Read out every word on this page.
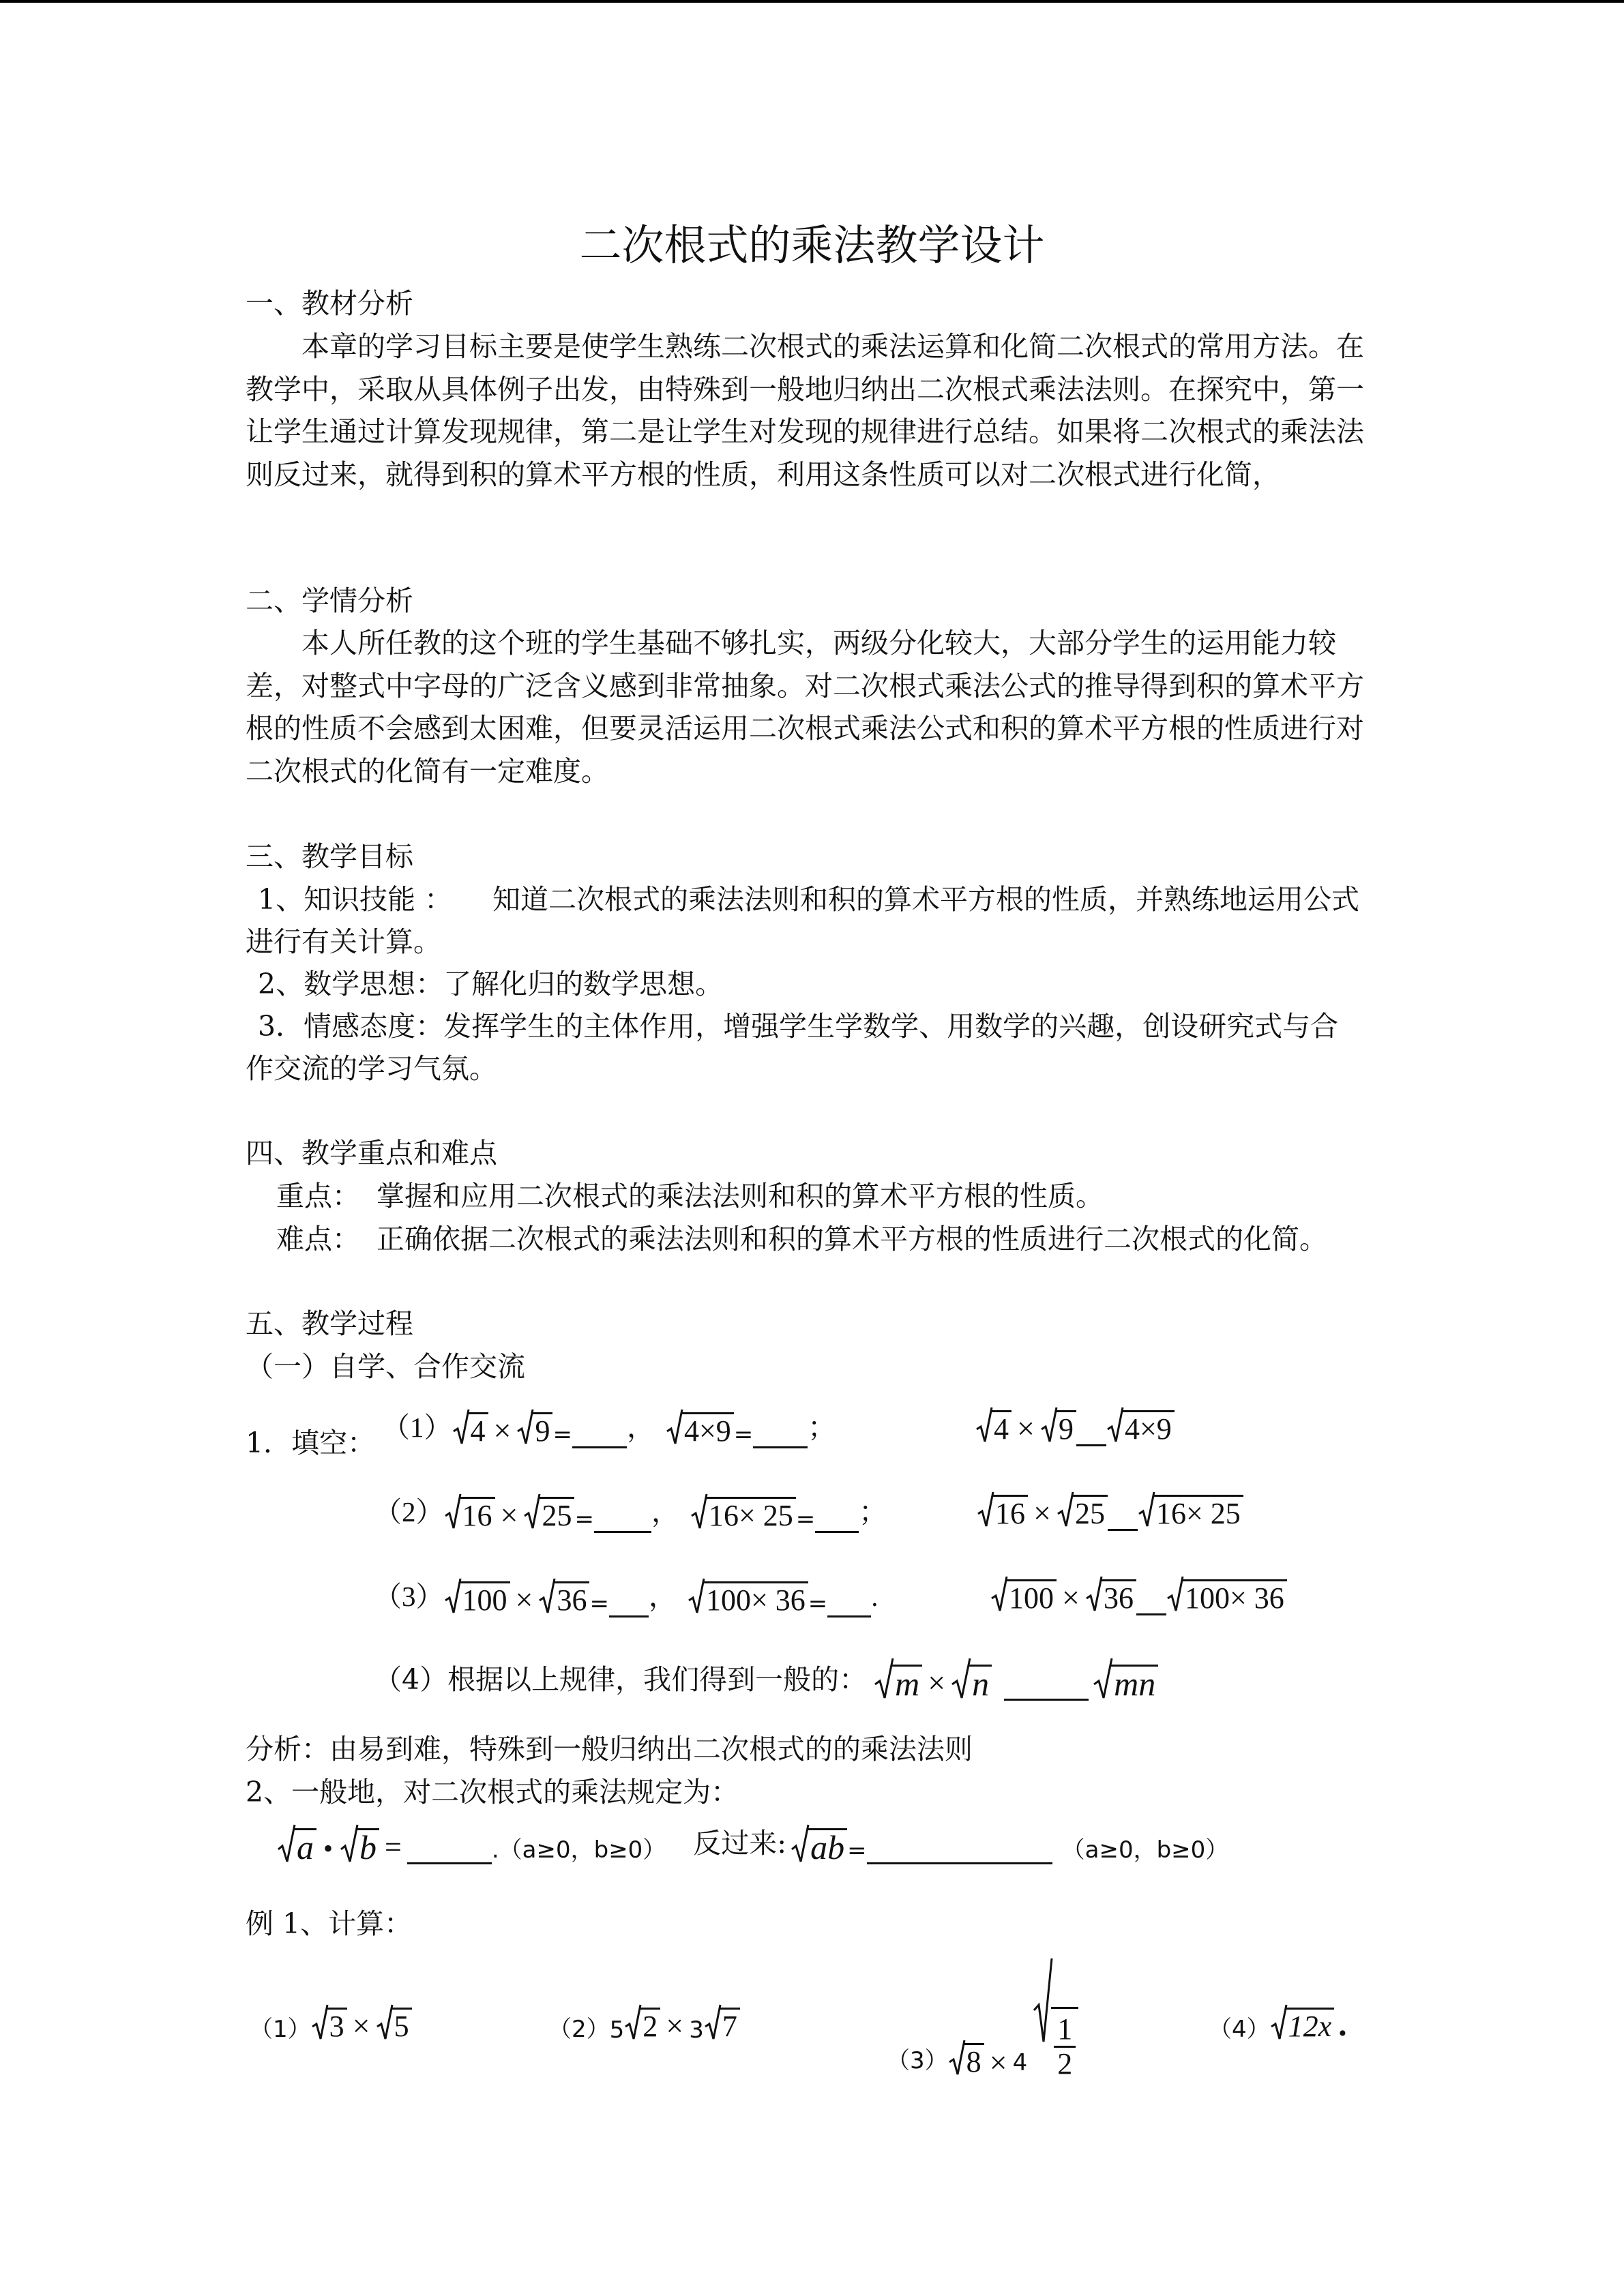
二次根式的乘法教学设计
一、教材分析
本章的学习目标主要是使学生熟练二次根式的乘法运算和化简二次根式的常用方法。在教学中，采取从具体例子出发，由特殊到一般地归纳出二次根式乘法法则。在探究中，第一让学生通过计算发现规律，第二是让学生对发现的规律进行总结。如果将二次根式的乘法法则反过来，就得到积的算术平方根的性质，利用这条性质可以对二次根式进行化简，
二、学情分析
本人所任教的这个班的学生基础不够扎实，两级分化较大，大部分学生的运用能力较差，对整式中字母的广泛含义感到非常抽象。对二次根式乘法公式的推导得到积的算术平方根的性质不会感到太困难，但要灵活运用二次根式乘法公式和积的算术平方根的性质进行对二次根式的化简有一定难度。
三、教学目标
1、知识技能 ： 知道二次根式的乘法法则和积的算术平方根的性质，并熟练地运用公式
进行有关计算。
2、数学思想：了解化归的数学思想。
3．情感态度：发挥学生的主体作用，增强学生学数学、用数学的兴趣，创设研究式与合
作交流的学习气氛。
四、教学重点和难点
重点： 掌握和应用二次根式的乘法法则和积的算术平方根的性质。
难点： 正确依据二次根式的乘法法则和积的算术平方根的性质进行二次根式的化简。
五、教学过程
（一）自学、合作交流
1．填空： （1） 4 × 9 = ， 4×9 = ；	4 × 9	4×9
（2） 16 × 25 = ， 16× 25 = ；	16 × 25	16× 25
（3） 100 × 36 = ， 100× 36 = .	100 × 36	100× 36
（4）根据以上规律，我们得到一般的： m × n	mn
分析：由易到难，特殊到一般归纳出二次根式的的乘法法则
2、一般地，对二次根式的乘法规定为：
a • b =	.（a≥0，b≥0） 反过来: ab =	（a≥0，b≥0）
例 1、计算：
（1） 3 × 5	（2） 5 2 × 3 7
（3） $8 \times 4 \frac{1}{2}$	（4） 12x .
